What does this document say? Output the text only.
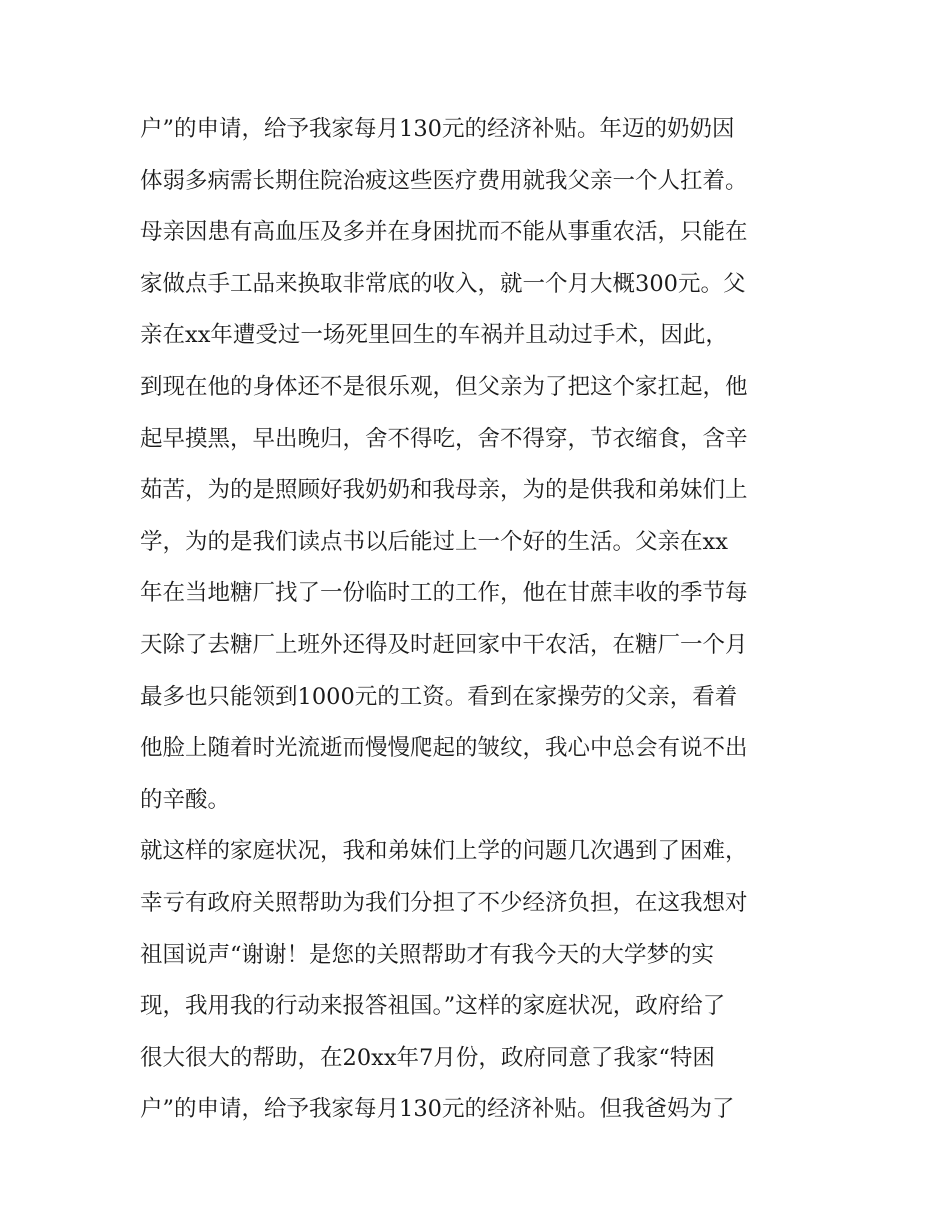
户”的申请，给予我家每月130元的经济补贴。年迈的奶奶因

体弱多病需长期住院治疲这些医疗费用就我父亲一个人扛着。

母亲因患有高血压及多并在身困扰而不能从事重农活，只能在

家做点手工品来换取非常底的收入，就一个月大概300元。父

亲在xx年遭受过一场死里回生的车祸并且动过手术，因此，

到现在他的身体还不是很乐观，但父亲为了把这个家扛起，他

起早摸黑，早出晚归，舍不得吃，舍不得穿，节衣缩食，含辛

茹苦，为的是照顾好我奶奶和我母亲，为的是供我和弟妹们上

学，为的是我们读点书以后能过上一个好的生活。父亲在xx

年在当地糖厂找了一份临时工的工作，他在甘蔗丰收的季节每

天除了去糖厂上班外还得及时赶回家中干农活，在糖厂一个月

最多也只能领到1000元的工资。看到在家操劳的父亲，看着

他脸上随着时光流逝而慢慢爬起的皱纹，我心中总会有说不出

的辛酸。

就这样的家庭状况，我和弟妹们上学的问题几次遇到了困难，

幸亏有政府关照帮助为我们分担了不少经济负担，在这我想对

祖国说声“谢谢！是您的关照帮助才有我今天的大学梦的实

现，我用我的行动来报答祖国。”这样的家庭状况，政府给了

很大很大的帮助，在20xx年7月份，政府同意了我家“特困

户”的申请，给予我家每月130元的经济补贴。但我爸妈为了
